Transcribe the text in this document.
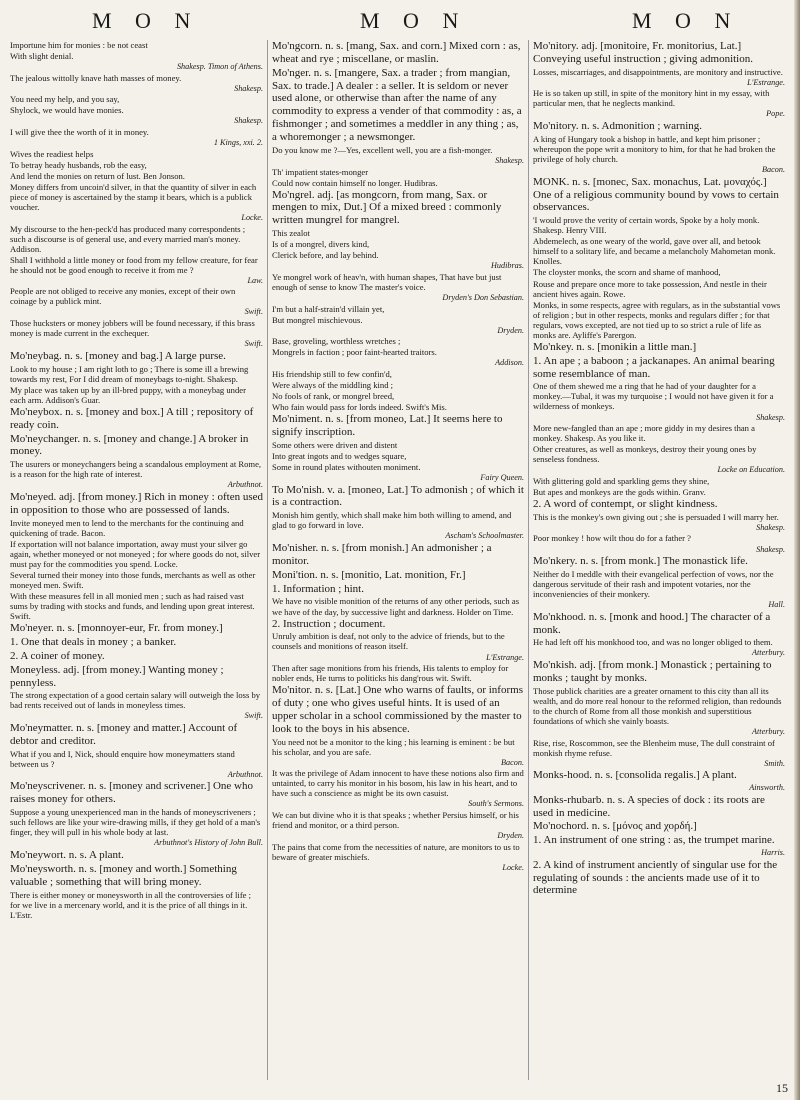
M O N	M O N	M O N
Importune him for monies : be not ceast
With slight denial.
Shakesp. Timon of Athens.
The jealous wittolly knave hath masses of money.
Shakesp.
You need my help, and you say,
Shylock, we would have monies.
Shakesp.
I will give thee the worth of it in money.
1 Kings, xxi. 2.
Wives the readiest helps
To betray heady husbands, rob the easy,
And lend the monies on return of lust. Ben Jonson.
Money differs from uncoin'd silver, in that the quantity of silver in each piece of money is ascertained by the stamp it bears, which is a publick voucher.
Locke.
My discourse to the hen-peck'd has produced many correspondents ; such a discourse is of general use, and every married man's money. Addison.
Shall I withhold a little money or food from my fellow creature, for fear he should not be good enough to receive it from me ?
Law.
People are not obliged to receive any monies, except of their own coinage by a publick mint.
Swift.
Those hucksters or money jobbers will be found necessary, if this brass money is made current in the exchequer.
Swift.
Mo'neybag. n. s. [money and bag.] A large purse.
Look to my house ; I am right loth to go ; There is some ill a brewing towards my rest, For I did dream of moneybags to-night. Shakesp.
My place was taken up by an ill-bred puppy, with a moneybag under each arm. Addison's Guar.
Mo'neybox. n. s. [money and box.] A till ; repository of ready coin.
Mo'neychanger. n. s. [money and change.] A broker in money.
The usurers or moneychangers being a scandalous employment at Rome, is a reason for the high rate of interest.
Arbuthnot.
Mo'neyed. adj. [from money.] Rich in money : often used in opposition to those who are possessed of lands.
Invite moneyed men to lend to the merchants for the continuing and quickening of trade. Bacon.
If exportation will not balance importation, away must your silver go again, whether moneyed or not moneyed ; for where goods do not, silver must pay for the commodities you spend. Locke.
Several turned their money into those funds, merchants as well as other moneyed men. Swift.
With these measures fell in all monied men ; such as had raised vast sums by trading with stocks and funds, and lending upon great interest. Swift.
Mo'neyer. n. s. [monnoyer-eur, Fr. from money.]
1. One that deals in money ; a banker.
2. A coiner of money.
Moneyless. adj. [from money.] Wanting money ; pennyless.
The strong expectation of a good certain salary will outweigh the loss by bad rents received out of lands in moneyless times.
Swift.
Mo'neymatter. n. s. [money and matter.] Account of debtor and creditor.
What if you and I, Nick, should enquire how moneymatters stand between us ?
Arbuthnot.
Mo'neyscrivener. n. s. [money and scrivener.] One who raises money for others.
Suppose a young unexperienced man in the hands of moneyscriveners ; such fellows are like your wire-drawing mills, if they get hold of a man's finger, they will pull in his whole body at last.
Arbuthnot's History of John Bull.
Mo'neywort. n. s. A plant.
Mo'neysworth. n. s. [money and worth.] Something valuable ; something that will bring money.
There is either money or moneysworth in all the controversies of life ; for we live in a mercenary world, and it is the price of all things in it. L'Estr.
Mo'ngcorn. n. s. [mang, Sax. and corn.] Mixed corn : as, wheat and rye ; miscellane, or maslin.
Mo'nger. n. s. [mangere, Sax. a trader ; from mangian, Sax. to trade.] A dealer : a seller. It is seldom or never used alone, or otherwise than after the name of any commodity to express a vender of that commodity : as, a fishmonger ; and sometimes a meddler in any thing ; as, a whoremonger ; a newsmonger.
Do you know me ?—Yes, excellent well, you are a fish-monger.
Shakesp.
Th' impatient states-monger
Could now contain himself no longer. Hudibras.
Mo'ngrel. adj. [as mongcorn, from mang, Sax. or mengen to mix, Dut.] Of a mixed breed : commonly written mungrel for mangrel.
This zealot
Is of a mongrel, divers kind,
Clerick before, and lay behind.
Hudibras.
Ye mongrel work of heav'n, with human shapes, That have but just enough of sense to know The master's voice.
Dryden's Don Sebastian.
I'm but a half-strain'd villain yet,
But mongrel mischievous.
Dryden.
Base, groveling, worthless wretches ;
Mongrels in faction ; poor faint-hearted traitors.
Addison.
His friendship still to few confin'd,
Were always of the middling kind ;
No fools of rank, or mongrel breed,
Who fain would pass for lords indeed. Swift's Mis.
Mo'niment. n. s. [from moneo, Lat.] It seems here to signify inscription.
Some others were driven and distent
Into great ingots and to wedges square,
Some in round plates withouten moniment.
Fairy Queen.
To Mo'nish. v. a. [moneo, Lat.] To admonish ; of which it is a contraction.
Monish him gently, which shall make him both willing to amend, and glad to go forward in love.
Ascham's Schoolmaster.
Mo'nisher. n. s. [from monish.] An admonisher ; a monitor.
Moni'tion. n. s. [monitio, Lat. monition, Fr.]
1. Information ; hint.
We have no visible monition of the returns of any other periods, such as we have of the day, by successive light and darkness. Holder on Time.
2. Instruction ; document.
Unruly ambition is deaf, not only to the advice of friends, but to the counsels and monitions of reason itself.
L'Estrange.
Then after sage monitions from his friends, His talents to employ for nobler ends, He turns to politicks his dang'rous wit. Swift.
Mo'nitor. n. s. [Lat.] One who warns of faults, or informs of duty ; one who gives useful hints. It is used of an upper scholar in a school commissioned by the master to look to the boys in his absence.
You need not be a monitor to the king ; his learning is eminent : be but his scholar, and you are safe.
Bacon.
It was the privilege of Adam innocent to have these notions also firm and untainted, to carry his monitor in his bosom, his law in his heart, and to have such a conscience as might be its own casuist.
South's Sermons.
We can but divine who it is that speaks ; whether Persius himself, or his friend and monitor, or a third person.
Dryden.
The pains that come from the necessities of nature, are monitors to us to beware of greater mischiefs.
Locke.
Mo'nitory. adj. [monitoire, Fr. monitorius, Lat.] Conveying useful instruction ; giving admonition.
Losses, miscarriages, and disappointments, are monitory and instructive.
L'Estrange.
He is so taken up still, in spite of the monitory hint in my essay, with particular men, that he neglects mankind.
Pope.
Mo'nitory. n. s. Admonition ; warning.
A king of Hungary took a bishop in battle, and kept him prisoner ; whereupon the pope writ a monitory to him, for that he had broken the privilege of holy church.
Bacon.
MONK. n. s. [monec, Sax. monachus, Lat. μοναχός.] One of a religious community bound by vows to certain observances.
'I would prove the verity of certain words, Spoke by a holy monk. Shakesp. Henry VIII.
Abdemelech, as one weary of the world, gave over all, and betook himself to a solitary life, and became a melancholy Mahometan monk. Knolles.
The cloyster monks, the scorn and shame of manhood,
Rouse and prepare once more to take possession, And nestle in their ancient hives again. Rowe.
Monks, in some respects, agree with regulars, as in the substantial vows of religion ; but in other respects, monks and regulars differ ; for that regulars, vows excepted, are not tied up to so strict a rule of life as monks are. Ayliffe's Parergon.
Mo'nkey. n. s. [monikin a little man.]
1. An ape ; a baboon ; a jackanapes. An animal bearing some resemblance of man.
One of them shewed me a ring that he had of your daughter for a monkey.—Tubal, it was my turquoise ; I would not have given it for a wilderness of monkeys.
Shakesp.
More new-fangled than an ape ; more giddy in my desires than a monkey. Shakesp. As you like it.
Other creatures, as well as monkeys, destroy their young ones by senseless fondness.
Locke on Education.
With glittering gold and sparkling gems they shine,
But apes and monkeys are the gods within. Granv.
2. A word of contempt, or slight kindness.
This is the monkey's own giving out ; she is persuaded I will marry her.
Shakesp.
Poor monkey ! how wilt thou do for a father ?
Shakesp.
Mo'nkery. n. s. [from monk.] The monastick life.
Neither do I meddle with their evangelical perfection of vows, nor the dangerous servitude of their rash and impotent votaries, nor the inconveniencies of their monkery.
Hall.
Mo'nkhood. n. s. [monk and hood.] The character of a monk.
He had left off his monkhood too, and was no longer obliged to them.
Atterbury.
Mo'nkish. adj. [from monk.] Monastick ; pertaining to monks ; taught by monks.
Those publick charities are a greater ornament to this city than all its wealth, and do more real honour to the reformed religion, than redounds to the church of Rome from all those monkish and superstitious foundations of which she vainly boasts.
Atterbury.
Rise, rise, Roscommon, see the Blenheim muse, The dull constraint of monkish rhyme refuse.
Smith.
Monks-hood. n. s. [consolida regalis.] A plant.
Ainsworth.
Monks-rhubarb. n. s. A species of dock : its roots are used in medicine.
Mo'nochord. n. s. [μόνος and χορδή.]
1. An instrument of one string : as, the trumpet marine.
Harris.
2. A kind of instrument anciently of singular use for the regulating of sounds : the ancients made use of it to determine
15
